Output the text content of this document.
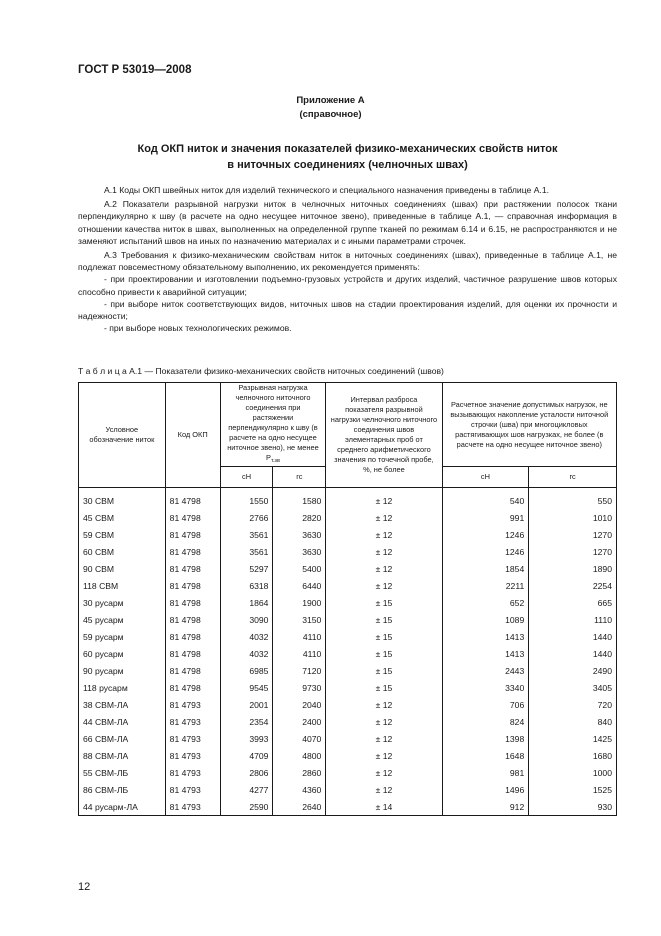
ГОСТ Р 53019—2008
Приложение А
(справочное)
Код ОКП ниток и значения показателей физико-механических свойств ниток
в ниточных соединениях (челночных швах)

А.1 Коды ОКП швейных ниток для изделий технического и специального назначения приведены в таблице А.1.

А.2 Показатели разрывной нагрузки ниток в челночных ниточных соединениях (швах) при растяжении полосок ткани перпендикулярно к шву (в расчете на одно несущее ниточное звено), приведенные в таблице А.1, — справочная информация в отношении качества ниток в швах, выполненных на определенной группе тканей по режимам 6.14 и 6.15, не распространяются и не заменяют испытаний швов на иных по назначению материалах и с иными параметрами строчек.

А.3 Требования к физико-механическим свойствам ниток в ниточных соединениях (швах), приведенные в таблице А.1, не подлежат повсеместному обязательному выполнению, их рекомендуется применять:

- при проектировании и изготовлении подъемно-грузовых устройств и других изделий, частичное разрушение швов которых способно привести к аварийной ситуации;

- при выборе ниток соответствующих видов, ниточных швов на стадии проектирования изделий, для оценки их прочности и надежности;

- при выборе новых технологических режимов.

Т а б л и ц а А.1 — Показатели физико-механических свойств ниточных соединений (швов)
Условное обозначение ниток	Код ОКП	Разрывная нагрузка челночного ниточного соединения при растяжении перпендикулярно к шву (в расчете на одно несущее ниточное звено), не менее $P_{т.зв}$		Интервал разброса показателя разрывной нагрузки челночного ниточного соединения швов элементарных проб от среднего арифметического значения по точечной пробе, %, не более	Расчетное значение допустимых нагрузок, не вызывающих накопление усталости ниточной строчки (шва) при многоцикловых растягивающих шов нагрузках, не более (в расчете на одно несущее ниточное звено)	
		сН	гс		сН	гс

30 СВМ	81 4798	1550	1580	± 12	540	550
45 СВМ	81 4798	2766	2820	± 12	991	1010
59 СВМ	81 4798	3561	3630	± 12	1246	1270
60 СВМ	81 4798	3561	3630	± 12	1246	1270
90 СВМ	81 4798	5297	5400	± 12	1854	1890
118 СВМ	81 4798	6318	6440	± 12	2211	2254
30 русарм	81 4798	1864	1900	± 15	652	665
45 русарм	81 4798	3090	3150	± 15	1089	1110
59 русарм	81 4798	4032	4110	± 15	1413	1440
60 русарм	81 4798	4032	4110	± 15	1413	1440
90 русарм	81 4798	6985	7120	± 15	2443	2490
118 русарм	81 4798	9545	9730	± 15	3340	3405
38 СВМ-ЛА	81 4793	2001	2040	± 12	706	720
44 СВМ-ЛА	81 4793	2354	2400	± 12	824	840
66 СВМ-ЛА	81 4793	3993	4070	± 12	1398	1425
88 СВМ-ЛА	81 4793	4709	4800	± 12	1648	1680
55 СВМ-ЛБ	81 4793	2806	2860	± 12	981	1000
86 СВМ-ЛБ	81 4793	4277	4360	± 12	1496	1525
44 русарм-ЛА	81 4793	2590	2640	± 14	912	930
12
